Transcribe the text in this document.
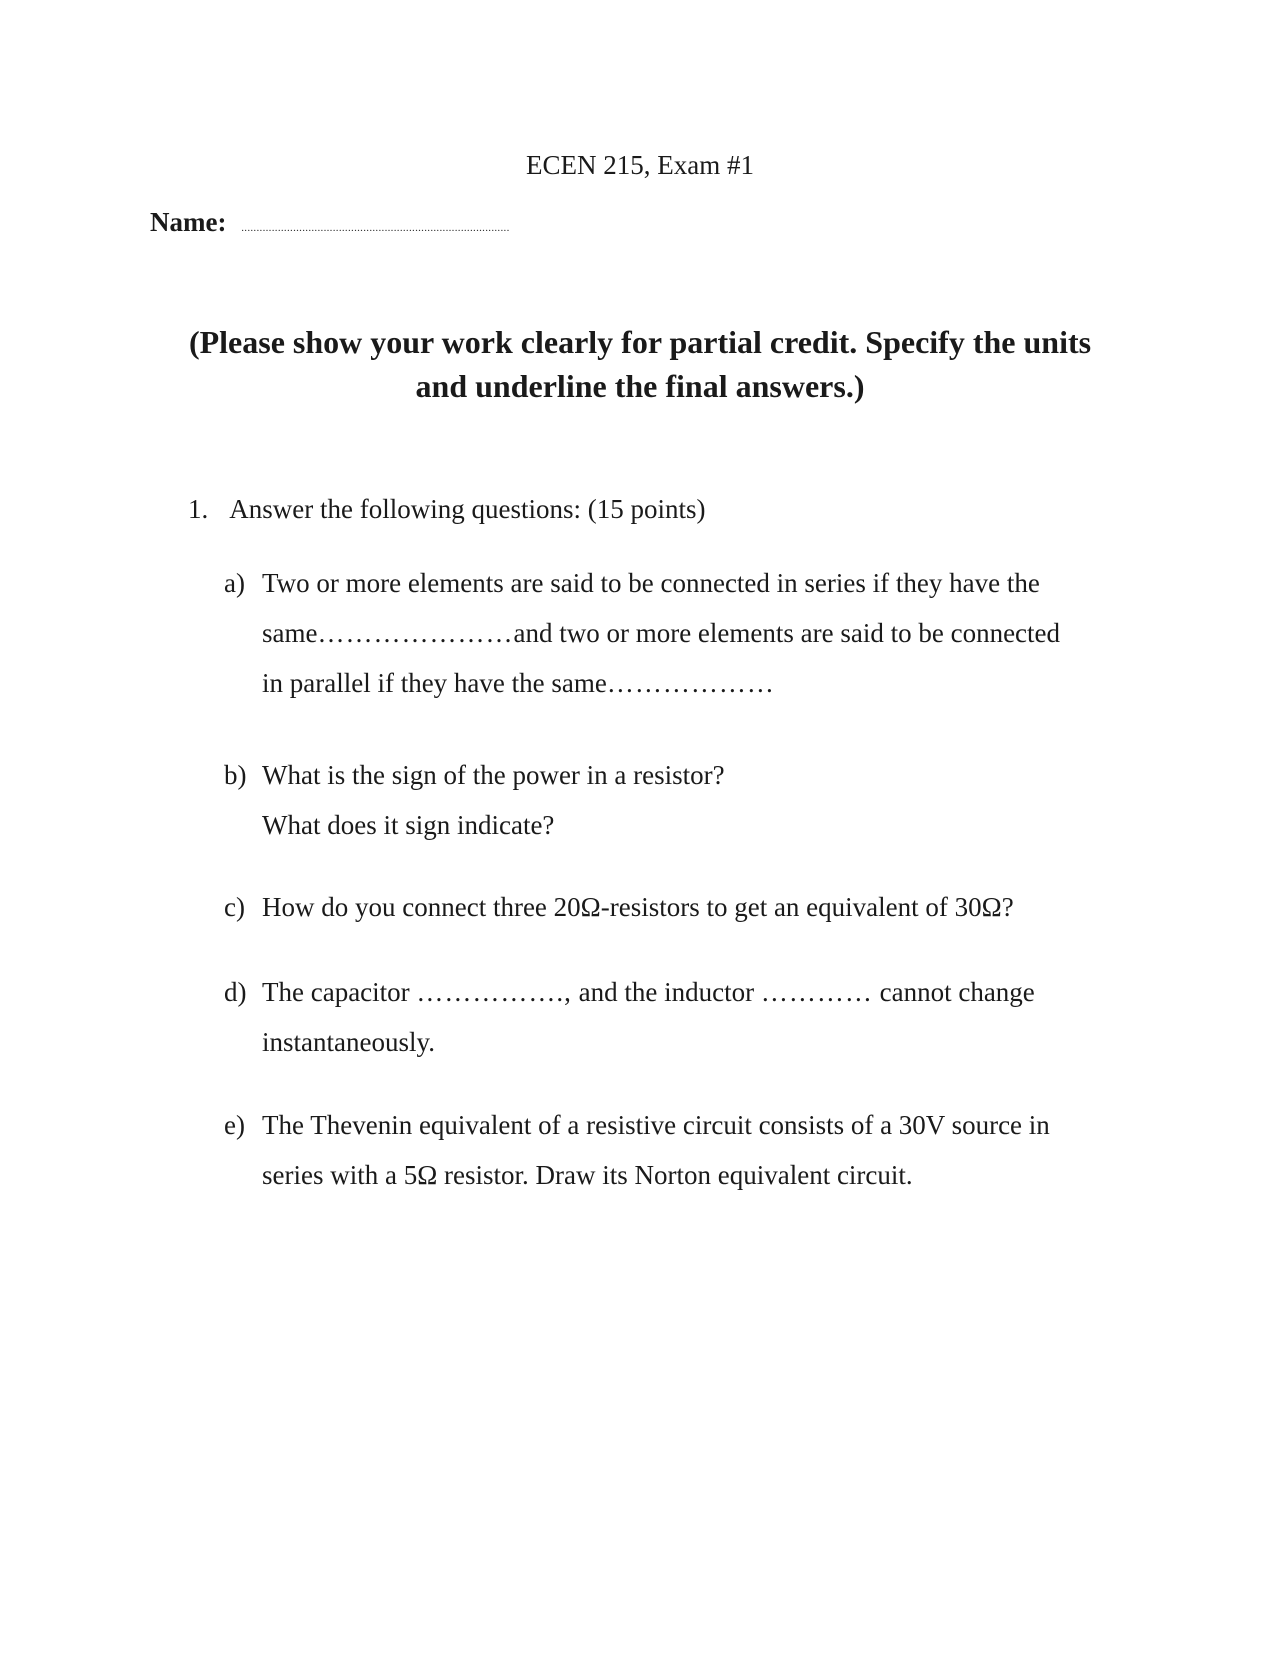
ECEN 215, Exam #1
Name: ........................................................................................
(Please show your work clearly for partial credit. Specify the units
and underline the final answers.)
1. Answer the following questions: (15 points)
a) Two or more elements are said to be connected in series if they have the
same…………………and two or more elements are said to be connected
in parallel if they have the same………………
b) What is the sign of the power in a resistor?
What does it sign indicate?
c) How do you connect three 20Ω-resistors to get an equivalent of 30Ω?
d) The capacitor ……………., and the inductor ………… cannot change
instantaneously.
e) The Thevenin equivalent of a resistive circuit consists of a 30V source in
series with a 5Ω resistor. Draw its Norton equivalent circuit.
